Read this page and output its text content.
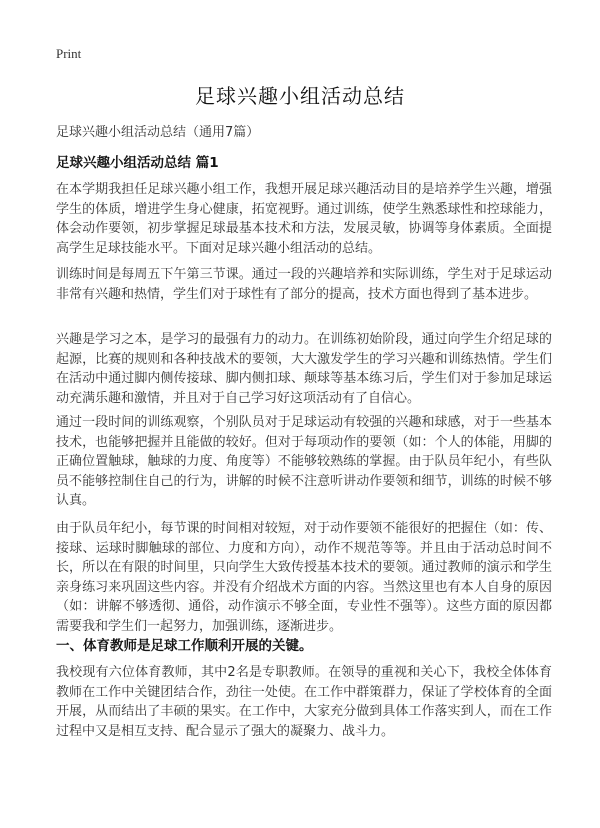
Print
足球兴趣小组活动总结
足球兴趣小组活动总结（通用7篇）
足球兴趣小组活动总结 篇1

在本学期我担任足球兴趣小组工作，我想开展足球兴趣活动目的是培养学生兴趣，增强学生的体质，增进学生身心健康，拓宽视野。通过训练，使学生熟悉球性和控球能力，体会动作要领，初步掌握足球最基本技术和方法，发展灵敏，协调等身体素质。全面提高学生足球技能水平。下面对足球兴趣小组活动的总结。

训练时间是每周五下午第三节课。通过一段的兴趣培养和实际训练，学生对于足球运动非常有兴趣和热情，学生们对于球性有了部分的提高，技术方面也得到了基本进步。

兴趣是学习之本，是学习的最强有力的动力。在训练初始阶段，通过向学生介绍足球的起源，比赛的规则和各种技战术的要领，大大激发学生的学习兴趣和训练热情。学生们在活动中通过脚内侧传接球、脚内侧扣球、颠球等基本练习后，学生们对于参加足球运动充满乐趣和激情，并且对于自己学习好这项活动有了自信心。

通过一段时间的训练观察，个别队员对于足球运动有较强的兴趣和球感，对于一些基本技术，也能够把握并且能做的较好。但对于每项动作的要领（如：个人的体能，用脚的正确位置触球，触球的力度、角度等）不能够较熟练的掌握。由于队员年纪小，有些队员不能够控制住自己的行为，讲解的时候不注意听讲动作要领和细节，训练的时候不够认真。

由于队员年纪小，每节课的时间相对较短，对于动作要领不能很好的把握住（如：传、接球、运球时脚触球的部位、力度和方向），动作不规范等等。并且由于活动总时间不长，所以在有限的时间里，只向学生大致传授基本技术的要领。通过教师的演示和学生亲身练习来巩固这些内容。并没有介绍战术方面的内容。当然这里也有本人自身的原因（如：讲解不够透彻、通俗，动作演示不够全面，专业性不强等）。这些方面的原因都需要我和学生们一起努力，加强训练，逐渐进步。

一、体育教师是足球工作顺利开展的关键。

我校现有六位体育教师，其中2名是专职教师。在领导的重视和关心下，我校全体体育教师在工作中关键团结合作，劲往一处使。在工作中群策群力，保证了学校体育的全面开展，从而结出了丰硕的果实。在工作中，大家充分做到具体工作落实到人，而在工作过程中又是相互支持、配合显示了强大的凝聚力、战斗力。
